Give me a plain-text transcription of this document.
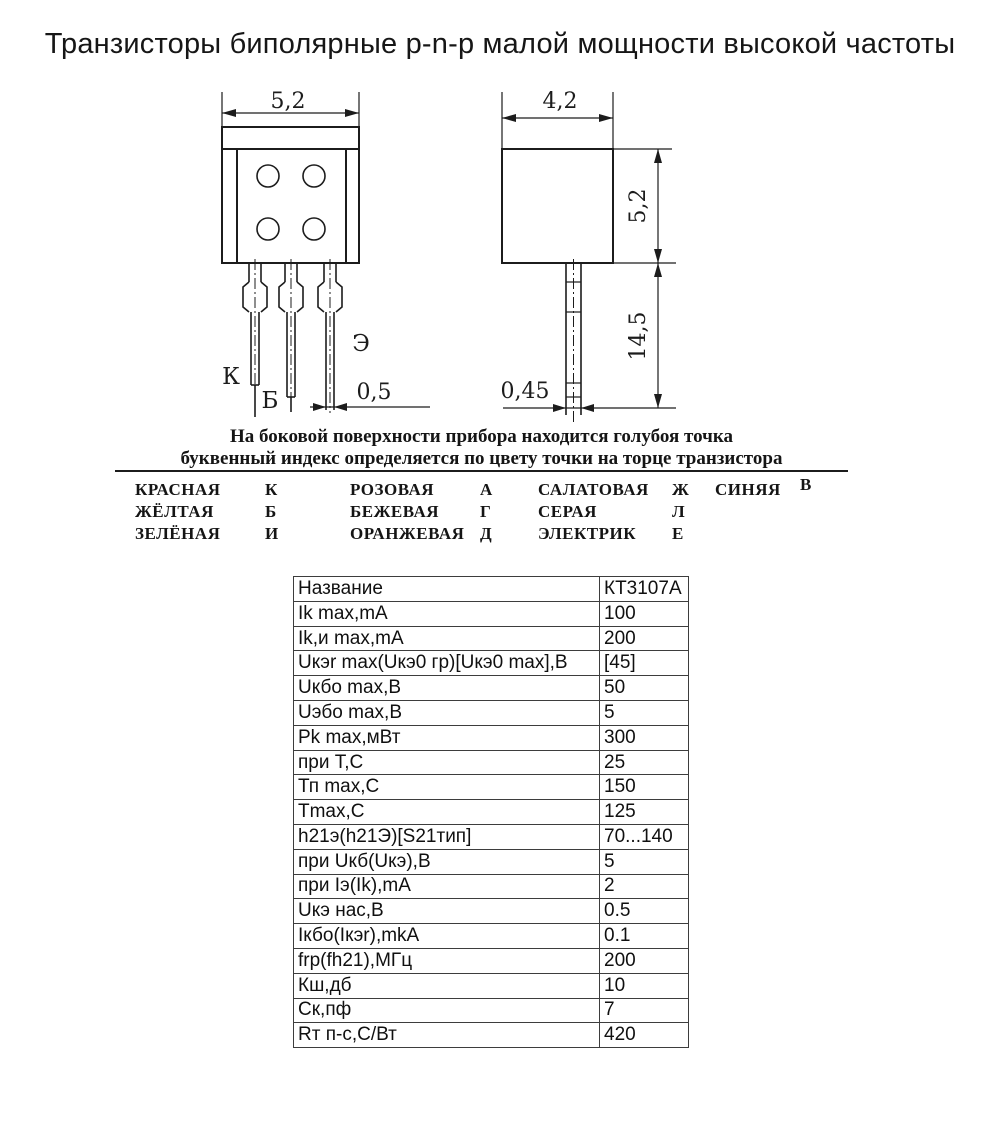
Транзисторы биполярные p-n-p малой мощности высокой частоты
5,2
К
Б
Э
0,5
4,2
5,2
14,5
0,45
На боковой поверхности прибора находится голубоя точка
буквенный индекс определяется по цвету точки на торце транзистора
КРАСНАЯ	К	РОЗОВАЯ	А	САЛАТОВАЯ	Ж	СИНЯЯ	В
ЖЁЛТАЯ	Б	БЕЖЕВАЯ	Г	СЕРАЯ	Л
ЗЕЛЁНАЯ	И	ОРАНЖЕВАЯ Д	ЭЛЕКТРИК	Е
Название	КТ3107А
Ik max,mA	100
Ik,и max,mA	200
Uкэr max(Uкэ0 гр)[Uкэ0 max],В	[45]
Uкбо max,В	50
Uэбо max,В	5
Pk max,мВт	300
при Т,С	25
Тп max,С	150
Tmax,С	125
h21э(h21Э)[S21тип]	70...140
при Uкб(Uкэ),В	5
при Iэ(Ik),mA	2
Uкэ нас,В	0.5
Iкбо(Iкэr),mkA	0.1
frp(fh21),МГц	200
Кш,дб	10
Ск,пф	7
Rт п-с,С/Вт	420
